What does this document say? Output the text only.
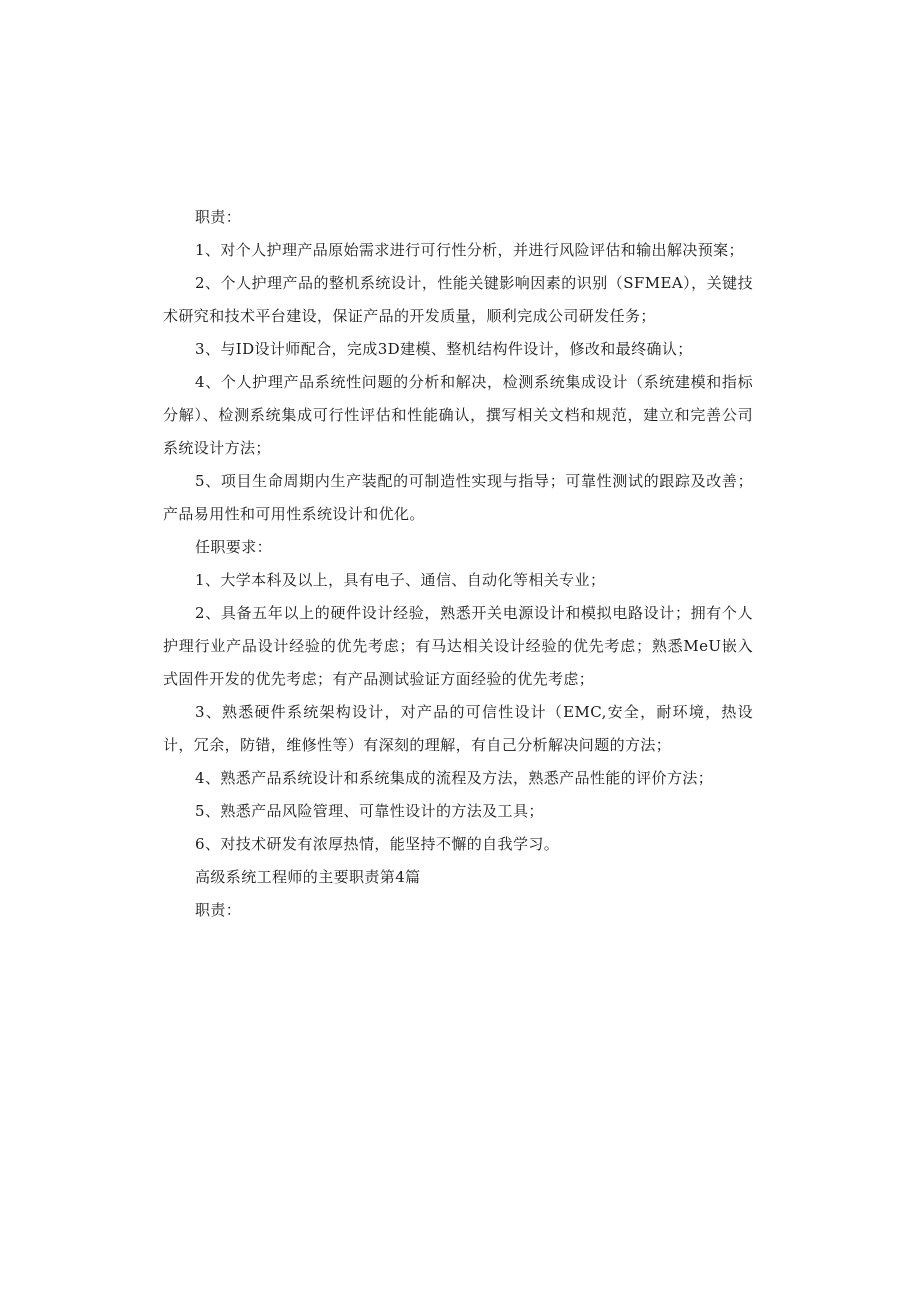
职责：

1、对个人护理产品原始需求进行可行性分析，并进行风险评估和输出解决预案；

2、个人护理产品的整机系统设计，性能关键影响因素的识别（SFMEA），关键技术研究和技术平台建设，保证产品的开发质量，顺利完成公司研发任务；

3、与ID设计师配合，完成3D建模、整机结构件设计，修改和最终确认；

4、个人护理产品系统性问题的分析和解决，检测系统集成设计（系统建模和指标分解）、检测系统集成可行性评估和性能确认，撰写相关文档和规范，建立和完善公司系统设计方法；

5、项目生命周期内生产装配的可制造性实现与指导；可靠性测试的跟踪及改善；产品易用性和可用性系统设计和优化。

任职要求：

1、大学本科及以上，具有电子、通信、自动化等相关专业；

2、具备五年以上的硬件设计经验，熟悉开关电源设计和模拟电路设计；拥有个人护理行业产品设计经验的优先考虑；有马达相关设计经验的优先考虑；熟悉MeU嵌入式固件开发的优先考虑；有产品测试验证方面经验的优先考虑；

3、熟悉硬件系统架构设计，对产品的可信性设计（EMC,安全，耐环境，热设计，冗余，防错，维修性等）有深刻的理解，有自己分析解决问题的方法；

4、熟悉产品系统设计和系统集成的流程及方法，熟悉产品性能的评价方法；

5、熟悉产品风险管理、可靠性设计的方法及工具；

6、对技术研发有浓厚热情，能坚持不懈的自我学习。

高级系统工程师的主要职责第4篇

职责：
